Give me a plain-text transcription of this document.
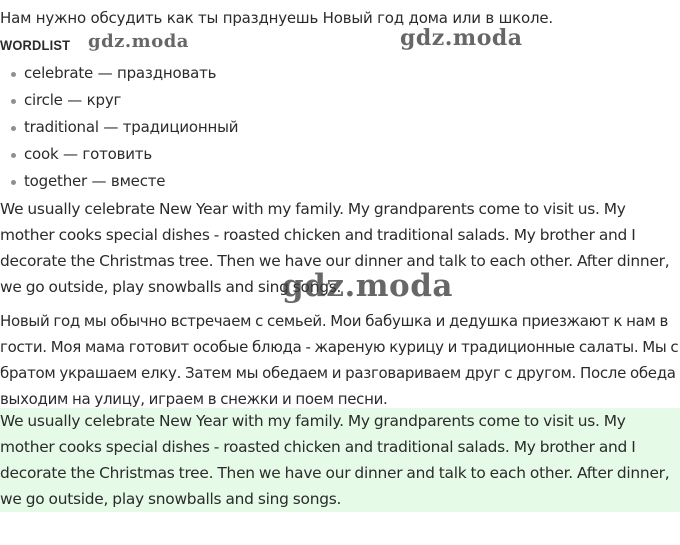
Нам нужно обсудить как ты празднуешь Новый год дома или в школе.
WORDLIST
celebrate — праздновать
circle — круг
traditional — традиционный
cook — готовить
together — вместе

We usually celebrate New Year with my family. My grandparents come to visit us. My mother cooks special dishes - roasted chicken and traditional salads. My brother and I decorate the Christmas tree. Then we have our dinner and talk to each other. After dinner, we go outside, play snowballs and sing songs.

Новый год мы обычно встречаем с семьей. Мои бабушка и дедушка приезжают к нам в гости. Моя мама готовит особые блюда - жареную курицу и традиционные салаты. Мы с братом украшаем елку. Затем мы обедаем и разговариваем друг с другом. После обеда выходим на улицу, играем в снежки и поем песни.

We usually celebrate New Year with my family. My grandparents come to visit us. My mother cooks special dishes - roasted chicken and traditional salads. My brother and I decorate the Christmas tree. Then we have our dinner and talk to each other. After dinner, we go outside, play snowballs and sing songs.

gdz.moda	gdz.moda
gdz.moda
